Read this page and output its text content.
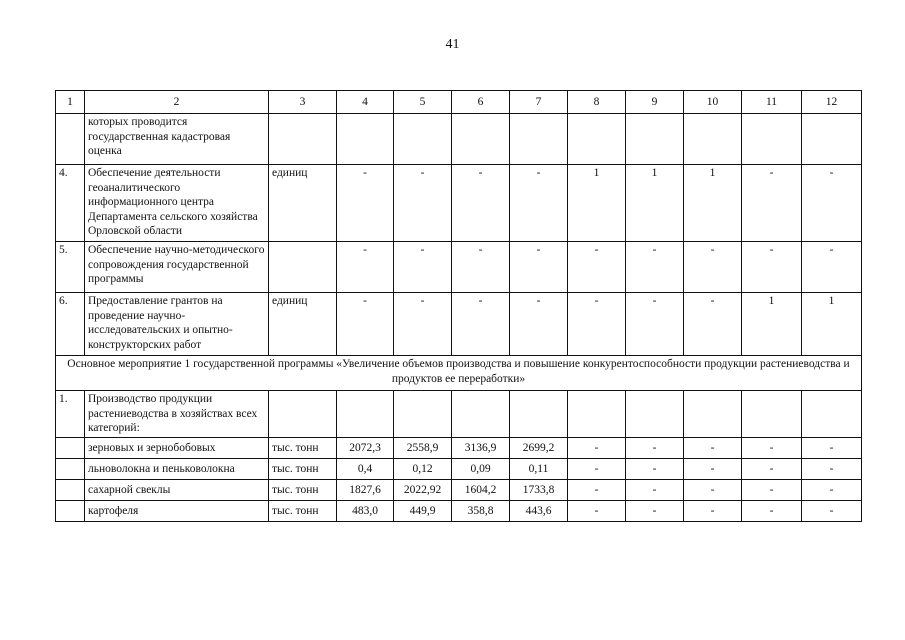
41
1	2	3	4	5	6	7	8	9	10	11	12
	которых проводится государственная кадастровая оценка										
4.	Обеспечение деятельности геоаналитического информационного центра Департамента сельского хозяйства Орловской области	единиц	-	-	-	-	1	1	1	-	-
5.	Обеспечение научно-методического сопровождения государственной программы		-	-	-	-	-	-	-	-	-
6.	Предоставление грантов на проведение научно-исследовательских и опытно-конструкторских работ	единиц	-	-	-	-	-	-	-	1	1
Основное мероприятие 1 государственной программы «Увеличение объемов производства и повышение конкурентоспособности продукции растениеводства и продуктов ее переработки»											
1.	Производство продукции растениеводства в хозяйствах всех категорий:										
	зерновых и зернобобовых	тыс. тонн	2072,3	2558,9	3136,9	2699,2	-	-	-	-	-
	льноволокна и пеньковолокна	тыс. тонн	0,4	0,12	0,09	0,11	-	-	-	-	-
	сахарной свеклы	тыс. тонн	1827,6	2022,92	1604,2	1733,8	-	-	-	-	-
	картофеля	тыс. тонн	483,0	449,9	358,8	443,6	-	-	-	-	-
